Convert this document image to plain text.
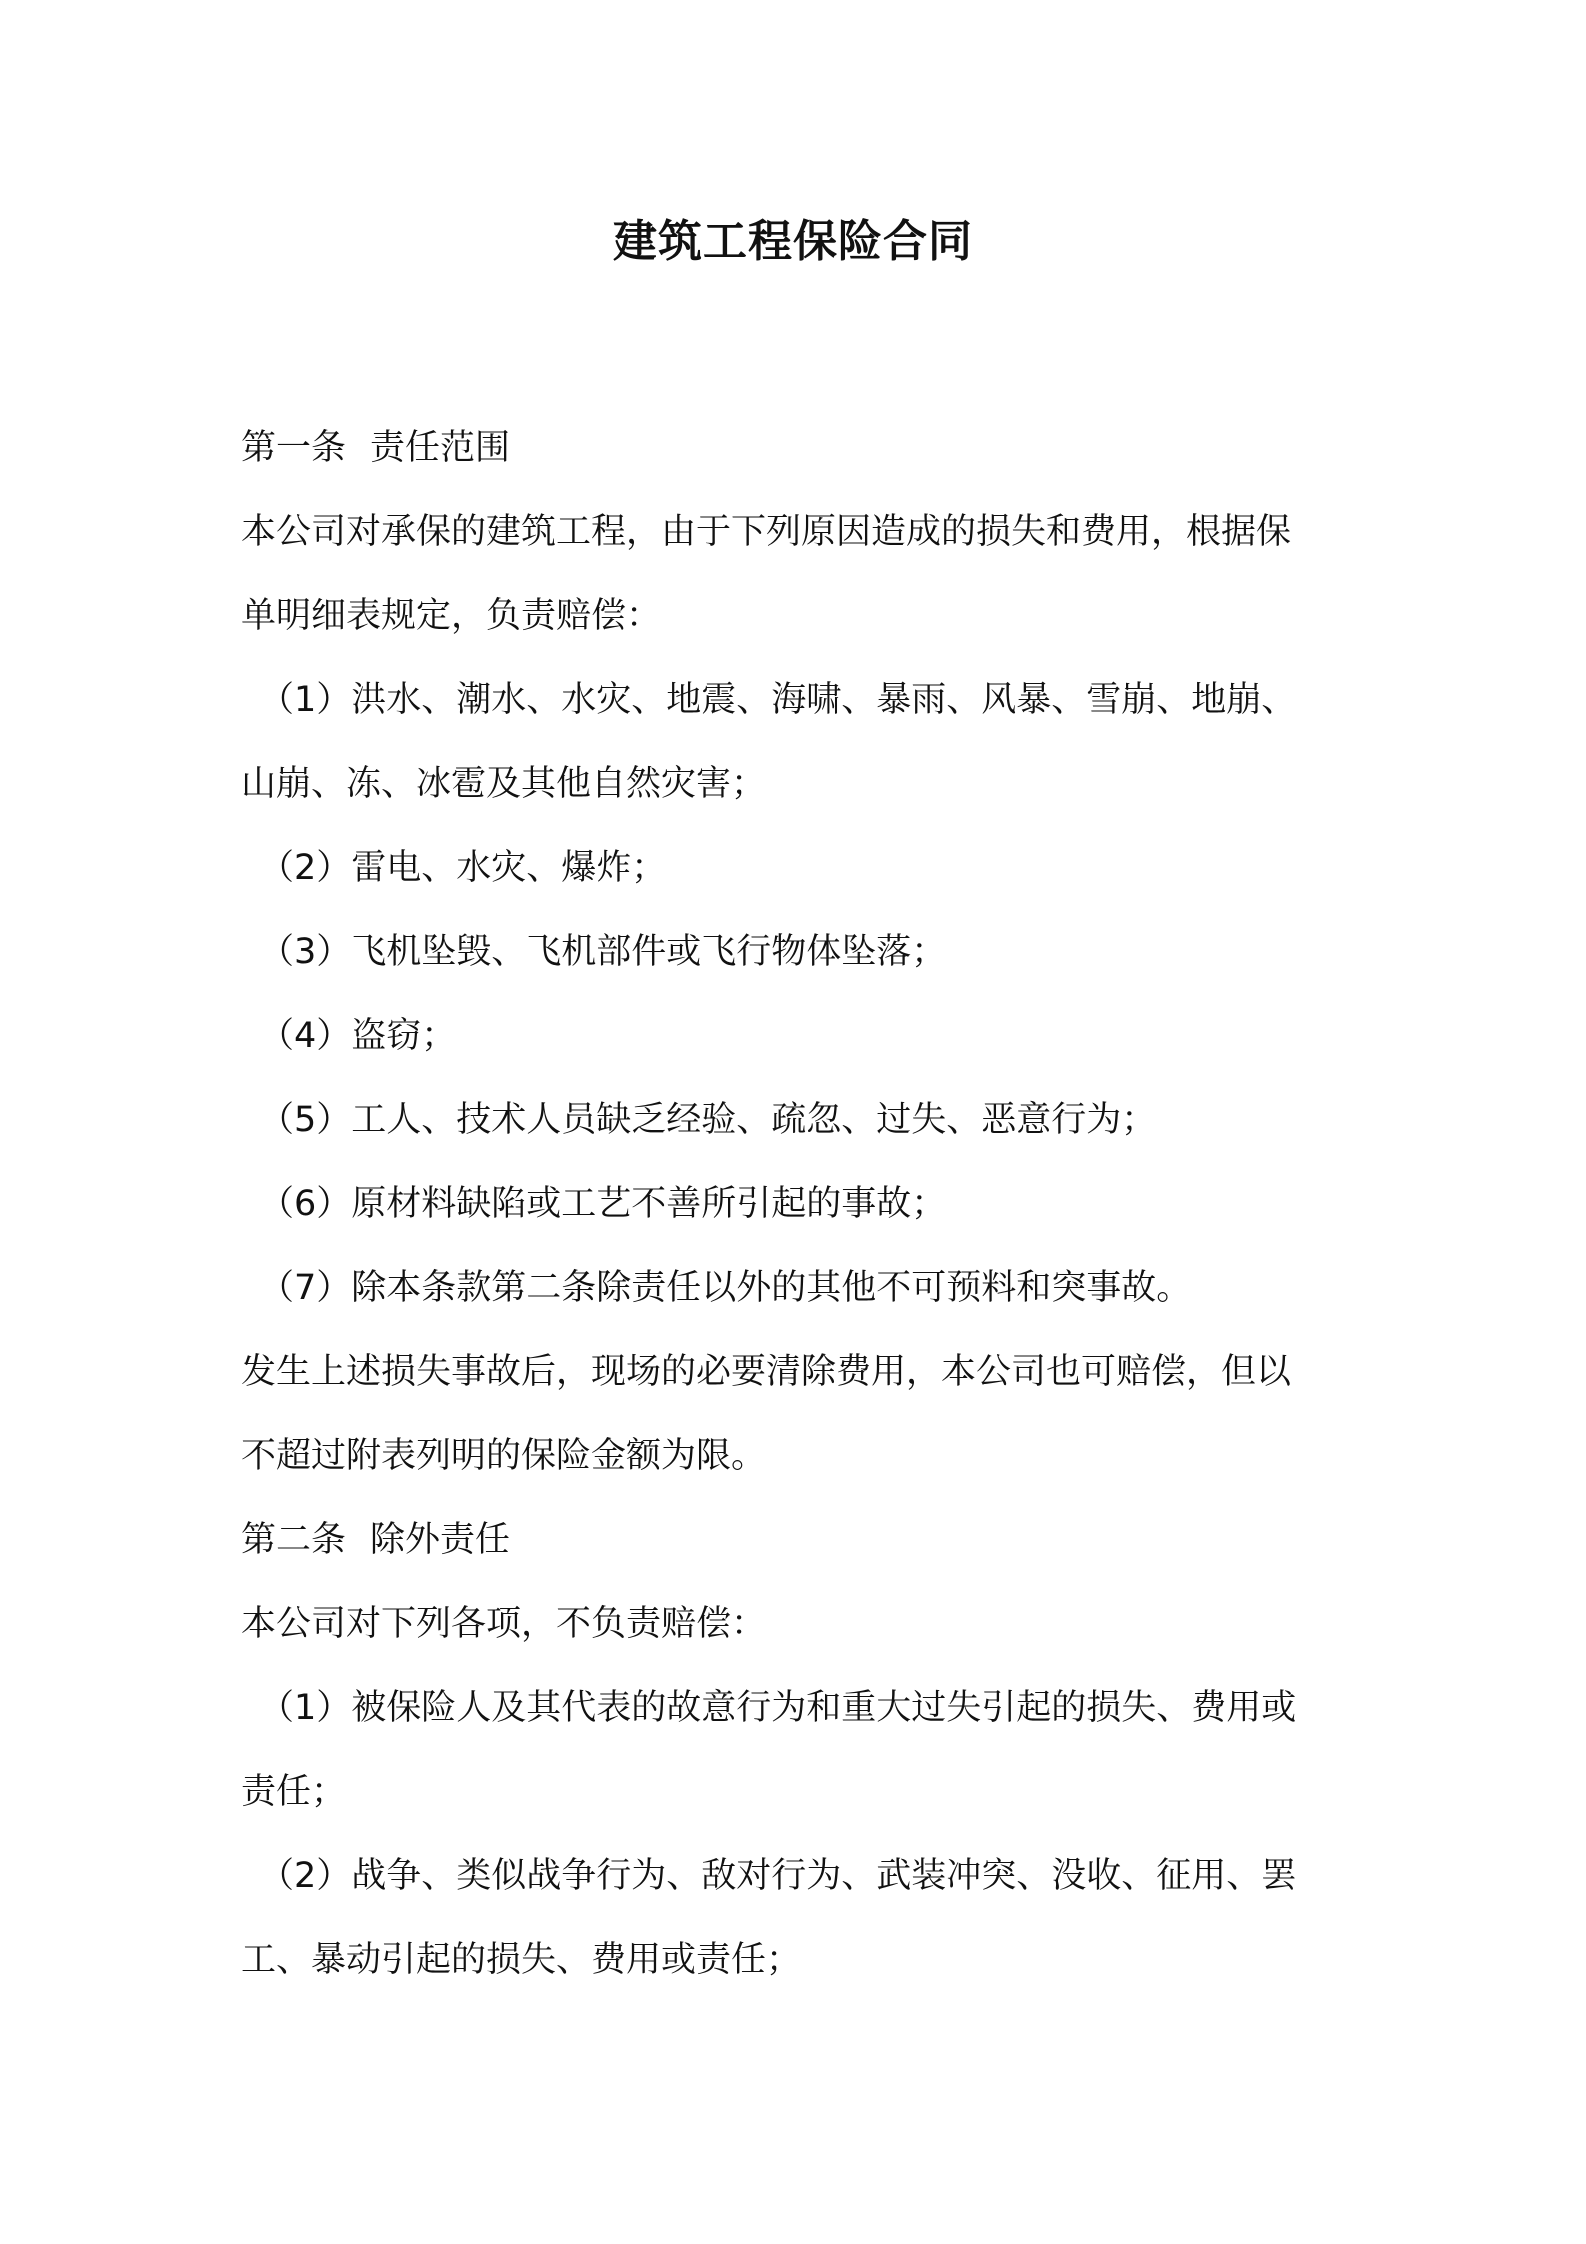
建筑工程保险合同
第一条 责任范围
本公司对承保的建筑工程，由于下列原因造成的损失和费用，根据保
单明细表规定，负责赔偿：
（1）洪水、潮水、水灾、地震、海啸、暴雨、风暴、雪崩、地崩、
山崩、冻、冰雹及其他自然灾害；
（2）雷电、水灾、爆炸；
（3）飞机坠毁、飞机部件或飞行物体坠落；
（4）盗窃；
（5）工人、技术人员缺乏经验、疏忽、过失、恶意行为；
（6）原材料缺陷或工艺不善所引起的事故；
（7）除本条款第二条除责任以外的其他不可预料和突事故。
发生上述损失事故后，现场的必要清除费用，本公司也可赔偿，但以
不超过附表列明的保险金额为限。
第二条 除外责任
本公司对下列各项，不负责赔偿：
（1）被保险人及其代表的故意行为和重大过失引起的损失、费用或
责任；
（2）战争、类似战争行为、敌对行为、武装冲突、没收、征用、罢
工、暴动引起的损失、费用或责任；
